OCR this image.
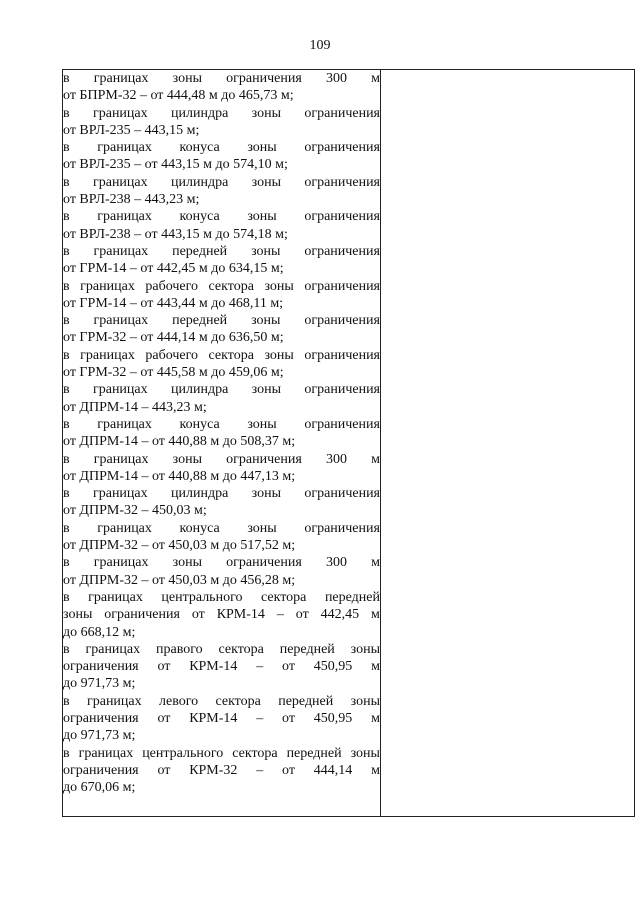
109
в границах зоны ограничения 300 м
от БПРМ-32 – от 444,48 м до 465,73 м;
в границах цилиндра зоны ограничения
от ВРЛ-235 – 443,15 м;
в границах конуса зоны ограничения
от ВРЛ-235 – от 443,15 м до 574,10 м;
в границах цилиндра зоны ограничения
от ВРЛ-238 – 443,23 м;
в границах конуса зоны ограничения
от ВРЛ-238 – от 443,15 м до 574,18 м;
в границах передней зоны ограничения
от ГРМ-14 – от 442,45 м до 634,15 м;
в границах рабочего сектора зоны ограничения
от ГРМ-14 – от 443,44 м до 468,11 м;
в границах передней зоны ограничения
от ГРМ-32 – от 444,14 м до 636,50 м;
в границах рабочего сектора зоны ограничения
от ГРМ-32 – от 445,58 м до 459,06 м;
в границах цилиндра зоны ограничения
от ДПРМ-14 – 443,23 м;
в границах конуса зоны ограничения
от ДПРМ-14 – от 440,88 м до 508,37 м;
в границах зоны ограничения 300 м
от ДПРМ-14 – от 440,88 м до 447,13 м;
в границах цилиндра зоны ограничения
от ДПРМ-32 – 450,03 м;
в границах конуса зоны ограничения
от ДПРМ-32 – от 450,03 м до 517,52 м;
в границах зоны ограничения 300 м
от ДПРМ-32 – от 450,03 м до 456,28 м;
в границах центрального сектора передней
зоны ограничения от КРМ-14 – от 442,45 м
до 668,12 м;
в границах правого сектора передней зоны
ограничения от КРМ-14 – от 450,95 м
до 971,73 м;
в границах левого сектора передней зоны
ограничения от КРМ-14 – от 450,95 м
до 971,73 м;
в границах центрального сектора передней зоны
ограничения от КРМ-32 – от 444,14 м
до 670,06 м;
